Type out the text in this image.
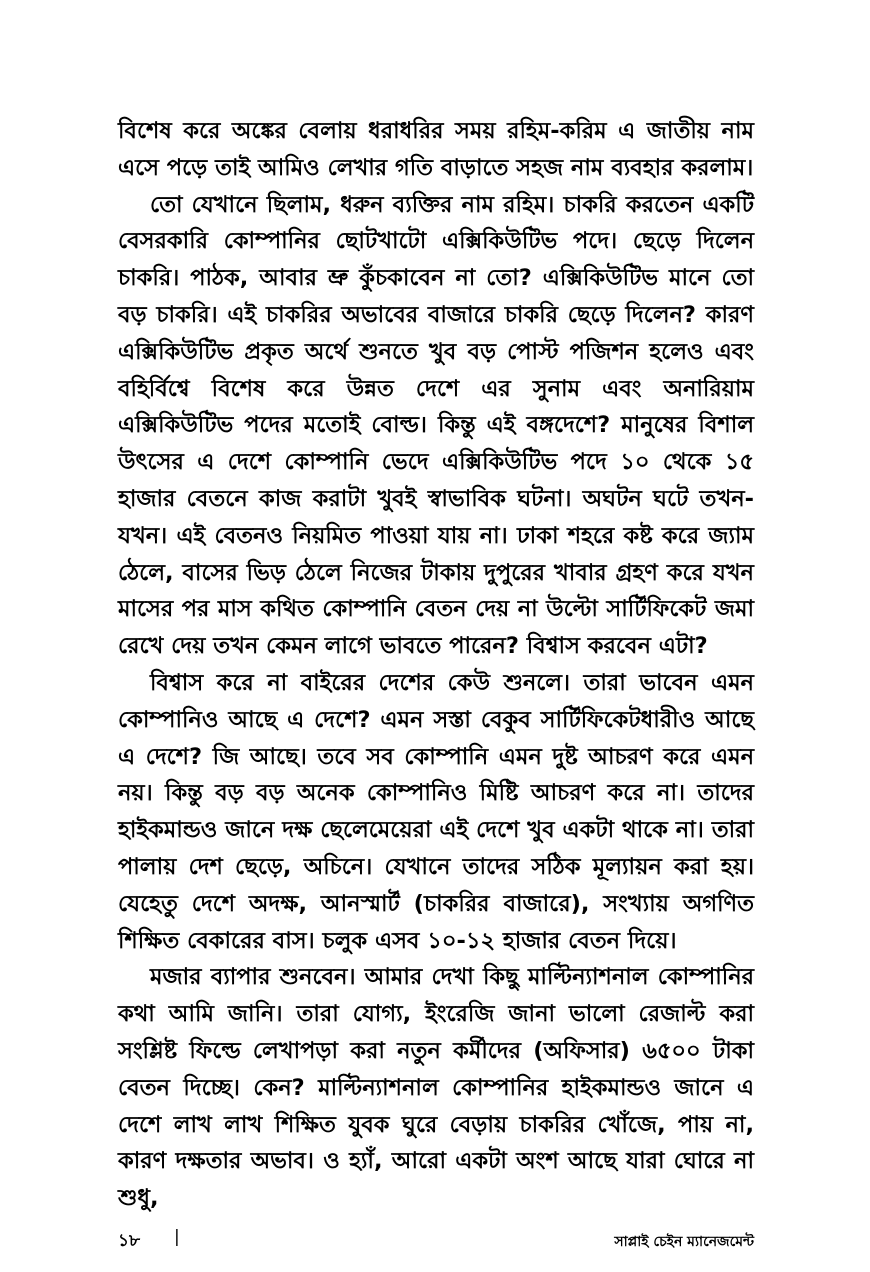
বিশেষ করে অঙ্কের বেলায় ধরাধরির সময় রহিম-করিম এ জাতীয় নাম এসে পড়ে তাই আমিও লেখার গতি বাড়াতে সহজ নাম ব্যবহার করলাম।

তো যেখানে ছিলাম, ধরুন ব্যক্তির নাম রহিম। চাকরি করতেন একটি বেসরকারি কোম্পানির ছোটখাটো এক্সিকিউটিভ পদে। ছেড়ে দিলেন চাকরি। পাঠক, আবার ভ্রু কুঁচকাবেন না তো? এক্সিকিউটিভ মানে তো বড় চাকরি। এই চাকরির অভাবের বাজারে চাকরি ছেড়ে দিলেন? কারণ এক্সিকিউটিভ প্রকৃত অর্থে শুনতে খুব বড় পোস্ট পজিশন হলেও এবং বহির্বিশ্বে বিশেষ করে উন্নত দেশে এর সুনাম এবং অনারিয়াম এক্সিকিউটিভ পদের মতোই বোল্ড। কিন্তু এই বঙ্গদেশে? মানুষের বিশাল উৎসের এ দেশে কোম্পানি ভেদে এক্সিকিউটিভ পদে ১০ থেকে ১৫ হাজার বেতনে কাজ করাটা খুবই স্বাভাবিক ঘটনা। অঘটন ঘটে তখন-যখন। এই বেতনও নিয়মিত পাওয়া যায় না। ঢাকা শহরে কষ্ট করে জ্যাম ঠেলে, বাসের ভিড় ঠেলে নিজের টাকায় দুপুরের খাবার গ্রহণ করে যখন মাসের পর মাস কথিত কোম্পানি বেতন দেয় না উল্টো সার্টিফিকেট জমা রেখে দেয় তখন কেমন লাগে ভাবতে পারেন? বিশ্বাস করবেন এটা?

বিশ্বাস করে না বাইরের দেশের কেউ শুনলে। তারা ভাবেন এমন কোম্পানিও আছে এ দেশে? এমন সস্তা বেকুব সার্টিফিকেটধারীও আছে এ দেশে? জি আছে। তবে সব কোম্পানি এমন দুষ্ট আচরণ করে এমন নয়। কিন্তু বড় বড় অনেক কোম্পানিও মিষ্টি আচরণ করে না। তাদের হাইকমান্ডও জানে দক্ষ ছেলেমেয়েরা এই দেশে খুব একটা থাকে না। তারা পালায় দেশ ছেড়ে, অচিনে। যেখানে তাদের সঠিক মূল্যায়ন করা হয়। যেহেতু দেশে অদক্ষ, আনস্মার্ট (চাকরির বাজারে), সংখ্যায় অগণিত শিক্ষিত বেকারের বাস। চলুক এসব ১০-১২ হাজার বেতন দিয়ে।

মজার ব্যাপার শুনবেন। আমার দেখা কিছু মাল্টিন্যাশনাল কোম্পানির কথা আমি জানি। তারা যোগ্য, ইংরেজি জানা ভালো রেজাল্ট করা সংশ্লিষ্ট ফিল্ডে লেখাপড়া করা নতুন কর্মীদের (অফিসার) ৬৫০০ টাকা বেতন দিচ্ছে। কেন? মাল্টিন্যাশনাল কোম্পানির হাইকমান্ডও জানে এ দেশে লাখ লাখ শিক্ষিত যুবক ঘুরে বেড়ায় চাকরির খোঁজে, পায় না, কারণ দক্ষতার অভাব। ও হ্যাঁ, আরো একটা অংশ আছে যারা ঘোরে না শুধু,

১৮ |	সাপ্লাই চেইন ম্যানেজমেন্ট
